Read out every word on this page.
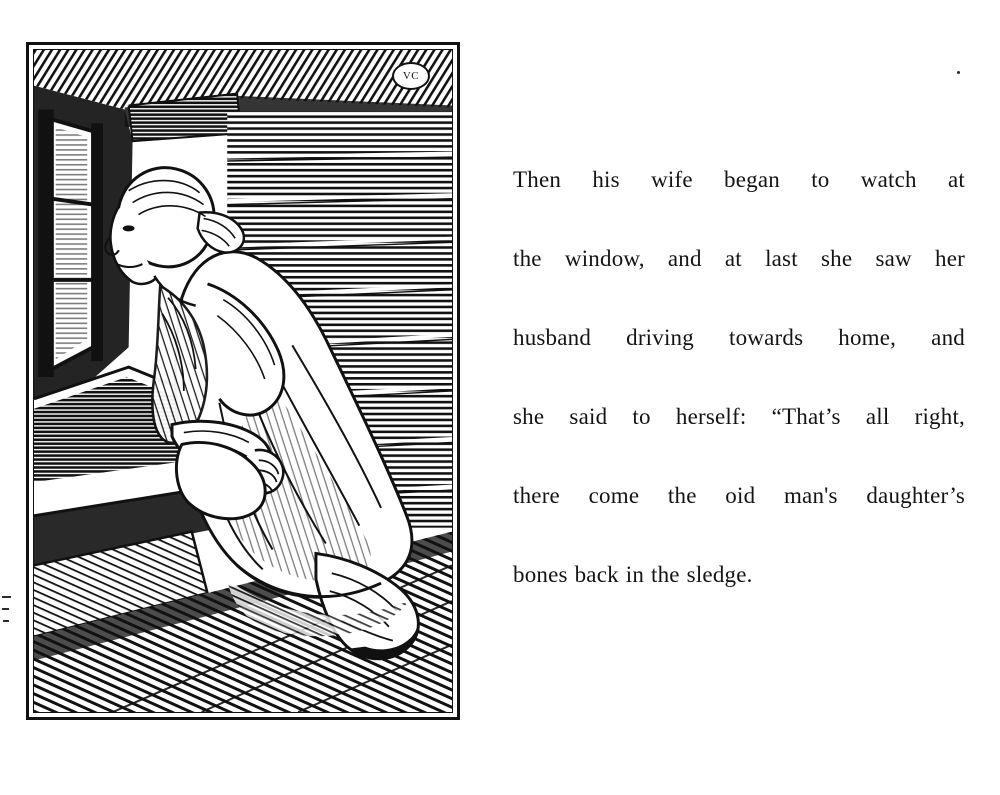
VC

Then his wife began to watch at

the window, and at last she saw her

husband driving towards home, and

she said to herself: “That’s all right,

there come the oid man's daughter’s

bones back in the sledge.
